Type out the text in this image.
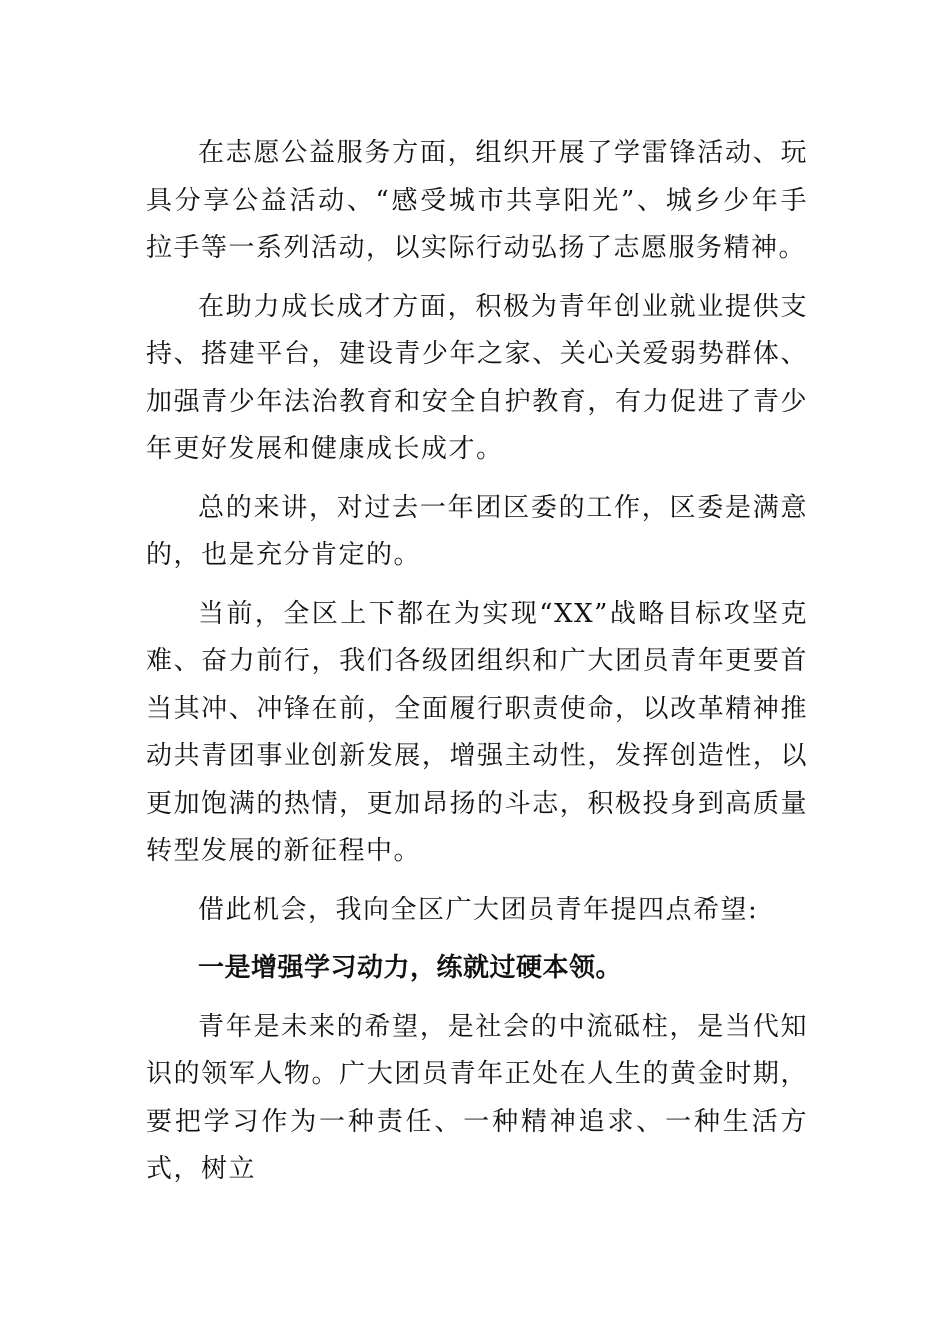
在志愿公益服务方面，组织开展了学雷锋活动、玩具分享公益活动、“感受城市共享阳光”、城乡少年手拉手等一系列活动，以实际行动弘扬了志愿服务精神。

在助力成长成才方面，积极为青年创业就业提供支持、搭建平台，建设青少年之家、关心关爱弱势群体、加强青少年法治教育和安全自护教育，有力促进了青少年更好发展和健康成长成才。

总的来讲，对过去一年团区委的工作，区委是满意的，也是充分肯定的。

当前，全区上下都在为实现“XX”战略目标攻坚克难、奋力前行，我们各级团组织和广大团员青年更要首当其冲、冲锋在前，全面履行职责使命，以改革精神推动共青团事业创新发展，增强主动性，发挥创造性，以更加饱满的热情，更加昂扬的斗志，积极投身到高质量转型发展的新征程中。

借此机会，我向全区广大团员青年提四点希望:

一是增强学习动力，练就过硬本领。

青年是未来的希望，是社会的中流砥柱，是当代知识的领军人物。广大团员青年正处在人生的黄金时期，要把学习作为一种责任、一种精神追求、一种生活方式，树立
